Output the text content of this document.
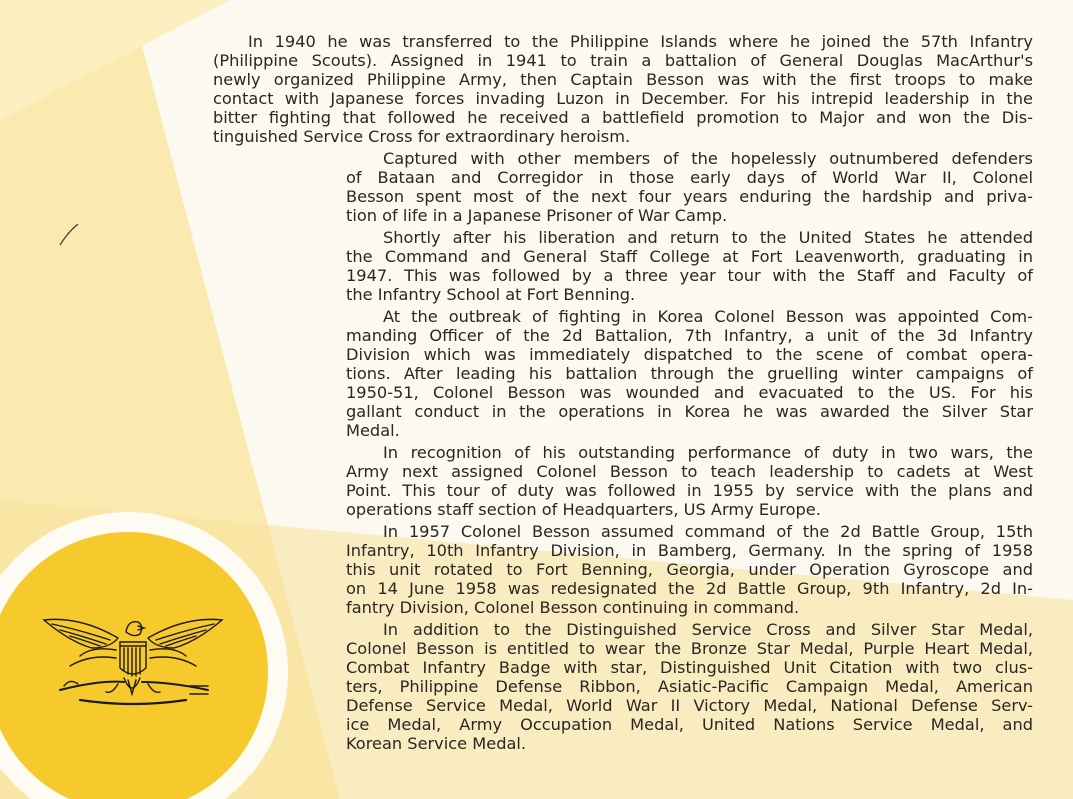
In 1940 he was transferred to the Philippine Islands where he joined the 57th Infantry
(Philippine Scouts). Assigned in 1941 to train a battalion of General Douglas MacArthur's
newly organized Philippine Army, then Captain Besson was with the first troops to make
contact with Japanese forces invading Luzon in December. For his intrepid leadership in the
bitter fighting that followed he received a battlefield promotion to Major and won the Dis-
tinguished Service Cross for extraordinary heroism.
Captured with other members of the hopelessly outnumbered defenders
of Bataan and Corregidor in those early days of World War II, Colonel
Besson spent most of the next four years enduring the hardship and priva-
tion of life in a Japanese Prisoner of War Camp.
Shortly after his liberation and return to the United States he attended
the Command and General Staff College at Fort Leavenworth, graduating in
1947. This was followed by a three year tour with the Staff and Faculty of
the Infantry School at Fort Benning.
At the outbreak of fighting in Korea Colonel Besson was appointed Com-
manding Officer of the 2d Battalion, 7th Infantry, a unit of the 3d Infantry
Division which was immediately dispatched to the scene of combat opera-
tions. After leading his battalion through the gruelling winter campaigns of
1950-51, Colonel Besson was wounded and evacuated to the US. For his
gallant conduct in the operations in Korea he was awarded the Silver Star
Medal.
In recognition of his outstanding performance of duty in two wars, the
Army next assigned Colonel Besson to teach leadership to cadets at West
Point. This tour of duty was followed in 1955 by service with the plans and
operations staff section of Headquarters, US Army Europe.
In 1957 Colonel Besson assumed command of the 2d Battle Group, 15th
Infantry, 10th Infantry Division, in Bamberg, Germany. In the spring of 1958
this unit rotated to Fort Benning, Georgia, under Operation Gyroscope and
on 14 June 1958 was redesignated the 2d Battle Group, 9th Infantry, 2d In-
fantry Division, Colonel Besson continuing in command.
In addition to the Distinguished Service Cross and Silver Star Medal,
Colonel Besson is entitled to wear the Bronze Star Medal, Purple Heart Medal,
Combat Infantry Badge with star, Distinguished Unit Citation with two clus-
ters, Philippine Defense Ribbon, Asiatic-Pacific Campaign Medal, American
Defense Service Medal, World War II Victory Medal, National Defense Serv-
ice Medal, Army Occupation Medal, United Nations Service Medal, and
Korean Service Medal.
